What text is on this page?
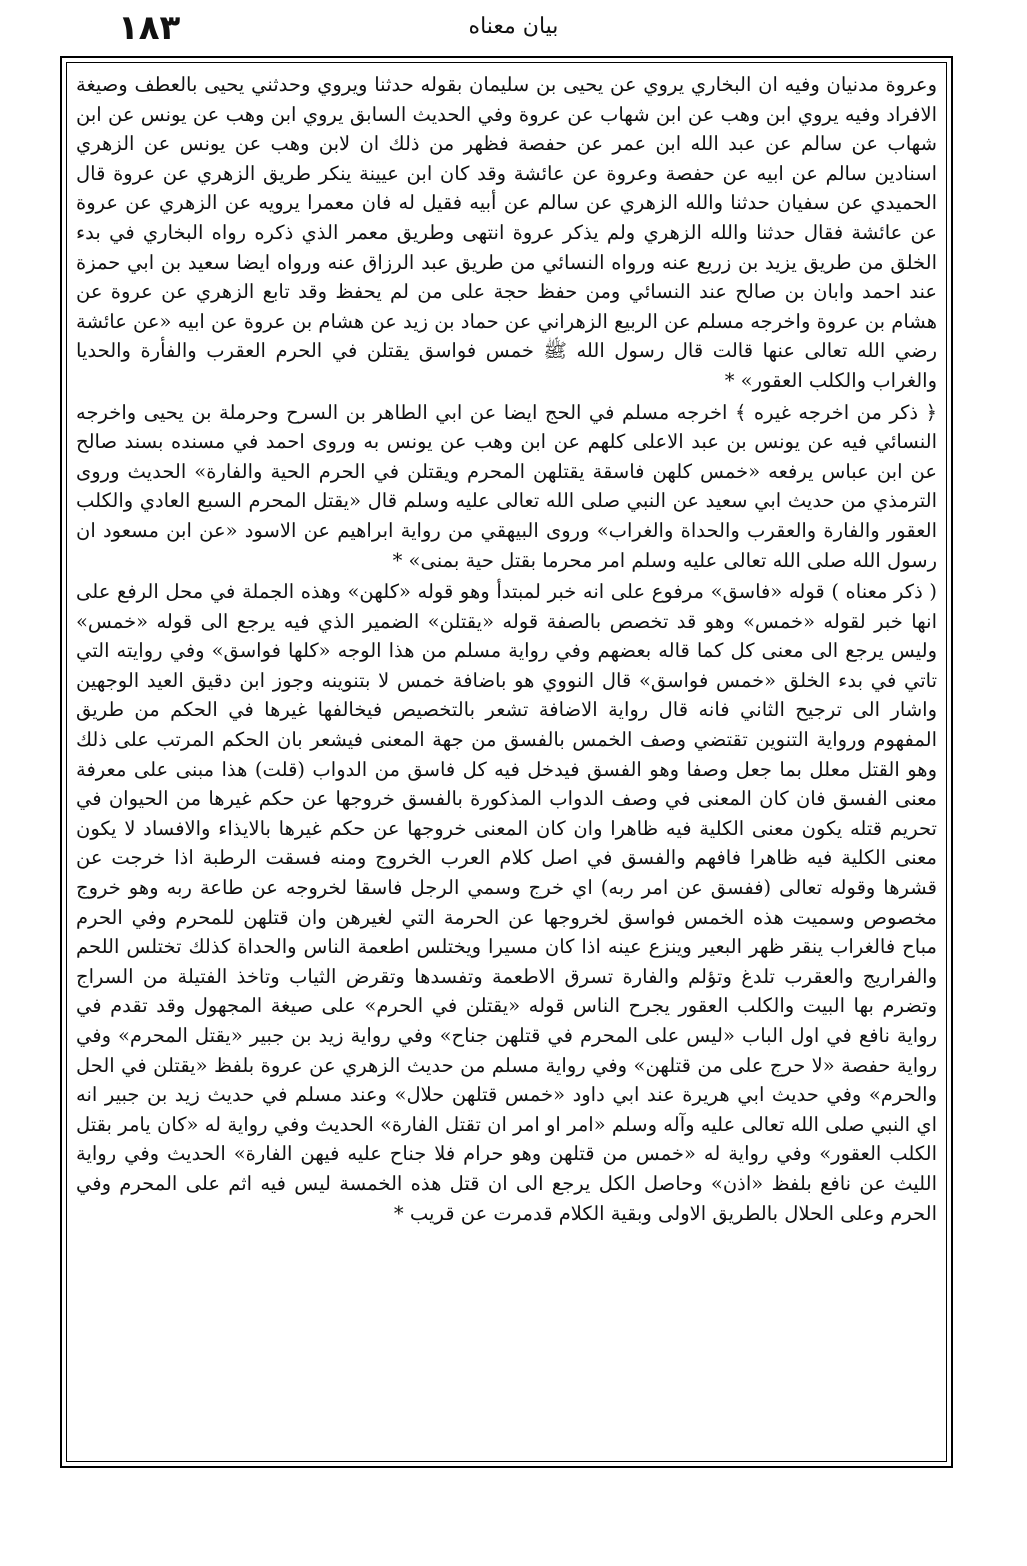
١٨٣	بيان معناه

وعروة مدنيان وفيه ان البخاري يروي عن يحيى بن سليمان بقوله حدثنا ويروي وحدثني يحيى بالعطف وصيغة الافراد وفيه يروي ابن وهب عن ابن شهاب عن عروة وفي الحديث السابق يروي ابن وهب عن يونس عن ابن شهاب عن سالم عن عبد الله ابن عمر عن حفصة فظهر من ذلك ان لابن وهب عن يونس عن الزهري اسنادين سالم عن ابيه عن حفصة وعروة عن عائشة وقد كان ابن عيينة ينكر طريق الزهري عن عروة قال الحميدي عن سفيان حدثنا والله الزهري عن سالم عن أبيه فقيل له فان معمرا يرويه عن الزهري عن عروة عن عائشة فقال حدثنا والله الزهري ولم يذكر عروة انتهى وطريق معمر الذي ذكره رواه البخاري في بدء الخلق من طريق يزيد بن زريع عنه ورواه النسائي من طريق عبد الرزاق عنه ورواه ايضا سعيد بن ابي حمزة عند احمد وابان بن صالح عند النسائي ومن حفظ حجة على من لم يحفظ وقد تابع الزهري عن عروة عن هشام بن عروة واخرجه مسلم عن الربيع الزهراني عن حماد بن زيد عن هشام بن عروة عن ابيه «عن عائشة رضي الله تعالى عنها قالت قال رسول الله ﷺ خمس فواسق يقتلن في الحرم العقرب والفأرة والحديا والغراب والكلب العقور» *

﴿ ذكر من اخرجه غيره ﴾ اخرجه مسلم في الحج ايضا عن ابي الطاهر بن السرح وحرملة بن يحيى واخرجه النسائي فيه عن يونس بن عبد الاعلى كلهم عن ابن وهب عن يونس به وروى احمد في مسنده بسند صالح عن ابن عباس يرفعه «خمس كلهن فاسقة يقتلهن المحرم ويقتلن في الحرم الحية والفارة» الحديث وروى الترمذي من حديث ابي سعيد عن النبي صلى الله تعالى عليه وسلم قال «يقتل المحرم السبع العادي والكلب العقور والفارة والعقرب والحداة والغراب» وروى البيهقي من رواية ابراهيم عن الاسود «عن ابن مسعود ان رسول الله صلى الله تعالى عليه وسلم امر محرما بقتل حية بمنى» *

( ذكر معناه ) قوله «فاسق» مرفوع على انه خبر لمبتدأ وهو قوله «كلهن» وهذه الجملة في محل الرفع على انها خبر لقوله «خمس» وهو قد تخصص بالصفة قوله «يقتلن» الضمير الذي فيه يرجع الى قوله «خمس» وليس يرجع الى معنى كل كما قاله بعضهم وفي رواية مسلم من هذا الوجه «كلها فواسق» وفي روايته التي تاتي في بدء الخلق «خمس فواسق» قال النووي هو باضافة خمس لا بتنوينه وجوز ابن دقيق العيد الوجهين واشار الى ترجيح الثاني فانه قال رواية الاضافة تشعر بالتخصيص فيخالفها غيرها في الحكم من طريق المفهوم ورواية التنوين تقتضي وصف الخمس بالفسق من جهة المعنى فيشعر بان الحكم المرتب على ذلك وهو القتل معلل بما جعل وصفا وهو الفسق فيدخل فيه كل فاسق من الدواب (قلت) هذا مبنى على معرفة معنى الفسق فان كان المعنى في وصف الدواب المذكورة بالفسق خروجها عن حكم غيرها من الحيوان في تحريم قتله يكون معنى الكلية فيه ظاهرا وان كان المعنى خروجها عن حكم غيرها بالايذاء والافساد لا يكون معنى الكلية فيه ظاهرا فافهم والفسق في اصل كلام العرب الخروج ومنه فسقت الرطبة اذا خرجت عن قشرها وقوله تعالى (ففسق عن امر ربه) اي خرج وسمي الرجل فاسقا لخروجه عن طاعة ربه وهو خروج مخصوص وسميت هذه الخمس فواسق لخروجها عن الحرمة التي لغيرهن وان قتلهن للمحرم وفي الحرم مباح فالغراب ينقر ظهر البعير وينزع عينه اذا كان مسيرا ويختلس اطعمة الناس والحداة كذلك تختلس اللحم والفراريج والعقرب تلدغ وتؤلم والفارة تسرق الاطعمة وتفسدها وتقرض الثياب وتاخذ الفتيلة من السراج وتضرم بها البيت والكلب العقور يجرح الناس قوله «يقتلن في الحرم» على صيغة المجهول وقد تقدم في رواية نافع في اول الباب «ليس على المحرم في قتلهن جناح» وفي رواية زيد بن جبير «يقتل المحرم» وفي رواية حفصة «لا حرج على من قتلهن» وفي رواية مسلم من حديث الزهري عن عروة بلفظ «يقتلن في الحل والحرم» وفي حديث ابي هريرة عند ابي داود «خمس قتلهن حلال» وعند مسلم في حديث زيد بن جبير انه اي النبي صلى الله تعالى عليه وآله وسلم «امر او امر ان تقتل الفارة» الحديث وفي رواية له «كان يامر بقتل الكلب العقور» وفي رواية له «خمس من قتلهن وهو حرام فلا جناح عليه فيهن الفارة» الحديث وفي رواية الليث عن نافع بلفظ «اذن» وحاصل الكل يرجع الى ان قتل هذه الخمسة ليس فيه اثم على المحرم وفي الحرم وعلى الحلال بالطريق الاولى وبقية الكلام قدمرت عن قريب *
